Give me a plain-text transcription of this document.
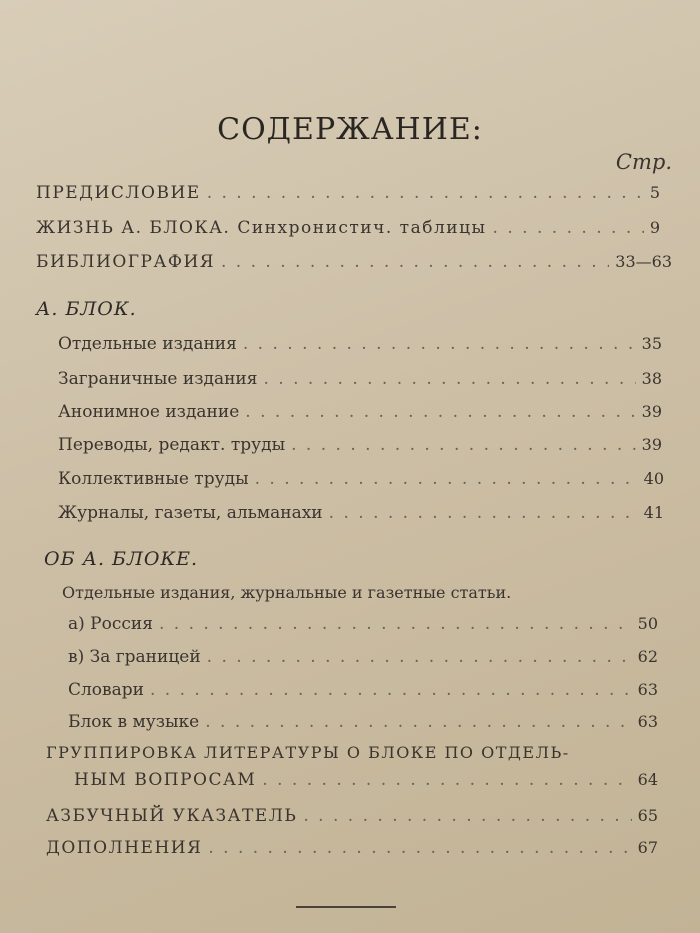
СОДЕРЖАНИЕ:
Стр.
ПРЕДИСЛОВИЕ . . .	5
ЖИЗНЬ А. БЛОКА. Синхронистич. таблицы . . .	9
БИБЛИОГРАФИЯ . . .	33—63
А. БЛОК.
Отдельные издания . . .	35
Заграничные издания . . .	38
Анонимное издание . . .	39
Переводы, редакт. труды . . .	39
Коллективные труды . . .	40
Журналы, газеты, альманахи . . .	41
ОБ А. БЛОКЕ.
Отдельные издания, журнальные и газетные статьи.
а) Россия . . .	50
в) За границей . . .	62
Словари . . .	63
Блок в музыке . . .	63
ГРУППИРОВКА ЛИТЕРАТУРЫ О БЛОКЕ ПО ОТДЕЛЬ-
НЫМ ВОПРОСАМ . . .	64
АЗБУЧНЫЙ УКАЗАТЕЛЬ . . .	65
ДОПОЛНЕНИЯ . . .	67
